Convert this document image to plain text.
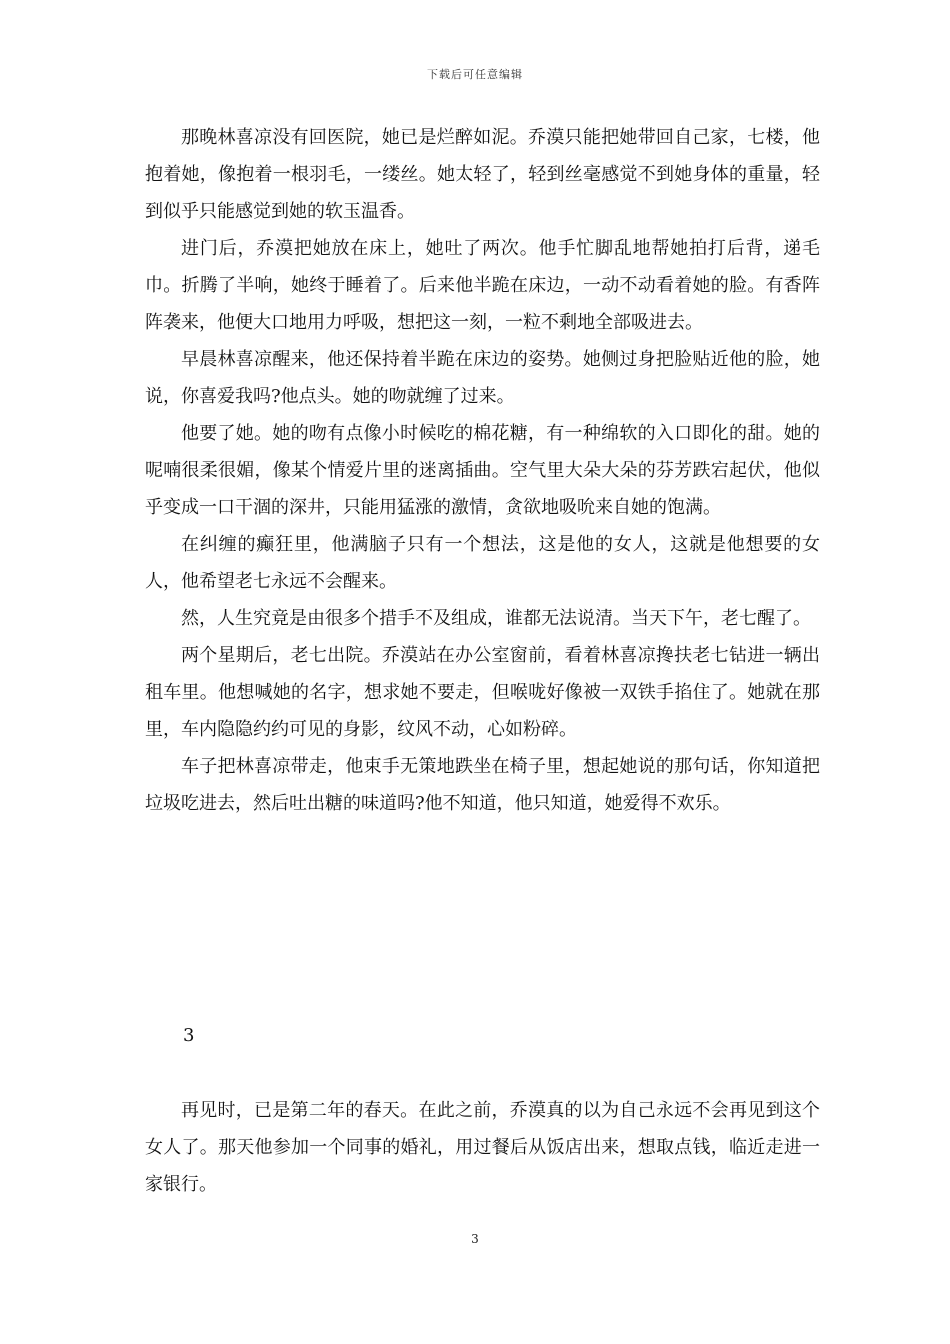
下载后可任意编辑

那晚林喜凉没有回医院，她已是烂醉如泥。乔漠只能把她带回自己家，七楼，他抱着她，像抱着一根羽毛，一缕丝。她太轻了，轻到丝毫感觉不到她身体的重量，轻到似乎只能感觉到她的软玉温香。

进门后，乔漠把她放在床上，她吐了两次。他手忙脚乱地帮她拍打后背，递毛巾。折腾了半响，她终于睡着了。后来他半跪在床边，一动不动看着她的脸。有香阵阵袭来，他便大口地用力呼吸，想把这一刻，一粒不剩地全部吸进去。

早晨林喜凉醒来，他还保持着半跪在床边的姿势。她侧过身把脸贴近他的脸，她说，你喜爱我吗?他点头。她的吻就缠了过来。

他要了她。她的吻有点像小时候吃的棉花糖，有一种绵软的入口即化的甜。她的呢喃很柔很媚，像某个情爱片里的迷离插曲。空气里大朵大朵的芬芳跌宕起伏，他似乎变成一口干涸的深井，只能用猛涨的激情，贪欲地吸吮来自她的饱满。

在纠缠的癫狂里，他满脑子只有一个想法，这是他的女人，这就是他想要的女人，他希望老七永远不会醒来。

然，人生究竟是由很多个措手不及组成，谁都无法说清。当天下午，老七醒了。

两个星期后，老七出院。乔漠站在办公室窗前，看着林喜凉搀扶老七钻进一辆出租车里。他想喊她的名字，想求她不要走，但喉咙好像被一双铁手掐住了。她就在那里，车内隐隐约约可见的身影，纹风不动，心如粉碎。

车子把林喜凉带走，他束手无策地跌坐在椅子里，想起她说的那句话，你知道把垃圾吃进去，然后吐出糖的味道吗?他不知道，他只知道，她爱得不欢乐。

3

再见时，已是第二年的春天。在此之前，乔漠真的以为自己永远不会再见到这个女人了。那天他参加一个同事的婚礼，用过餐后从饭店出来，想取点钱，临近走进一家银行。

3
